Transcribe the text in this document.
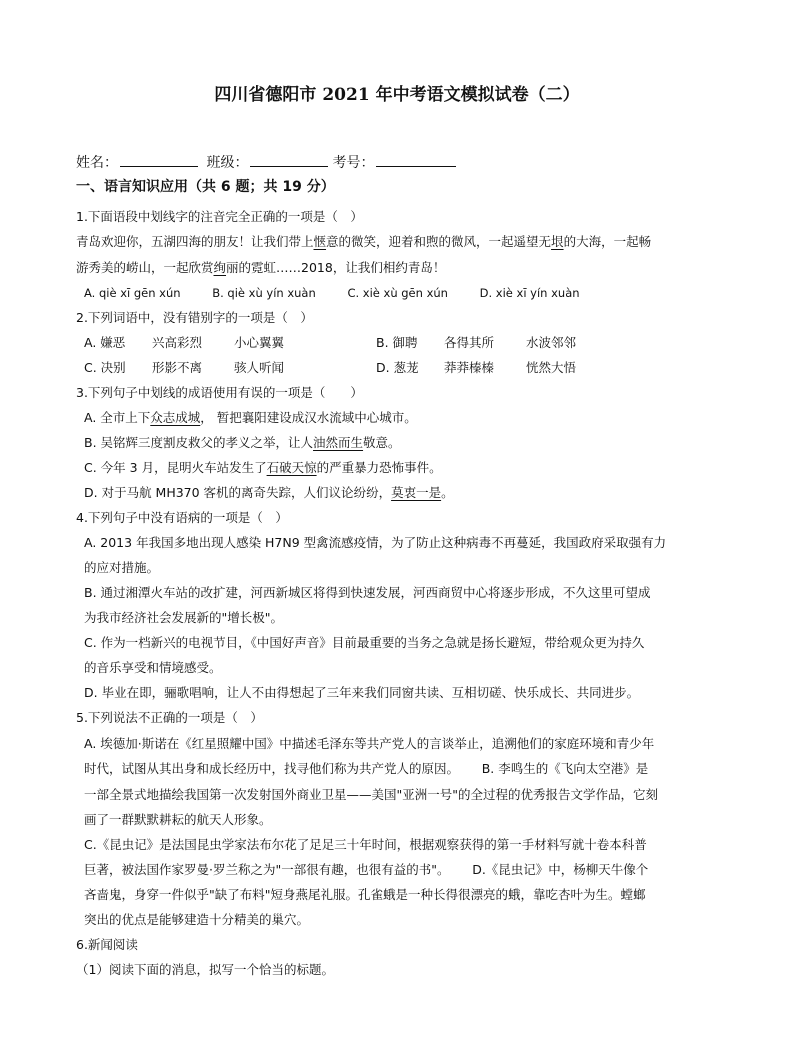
四川省德阳市 2021 年中考语文模拟试卷（二）
姓名：	班级：	考号：
一、语言知识应用（共 6 题；共 19 分）
1.下面语段中划线字的注音完全正确的一项是（　）
青岛欢迎你，五湖四海的朋友！让我们带上惬意的微笑，迎着和煦的微风，一起遥望无垠的大海，一起畅
游秀美的崂山，一起欣赏绚丽的霓虹……2018，让我们相约青岛！
A. qiè xī gēn xún	B. qiè xù yín xuàn	C. xiè xù gēn xún	D. xiè xī yín xuàn
2.下列词语中，没有错别字的一项是（　）
A. 嫌恶 兴高彩烈	小心翼翼	B. 御聘 各得其所	水波邻邻
C. 决别 形影不离	骇人听闻	D. 葱茏 莽莽榛榛	恍然大悟
3.下列句子中划线的成语使用有误的一项是（　　）
A. 全市上下众志成城， 暂把襄阳建设成汉水流域中心城市。
B. 吴铭辉三度割皮救父的孝义之举，让人油然而生敬意。
C. 今年 3 月，昆明火车站发生了石破天惊的严重暴力恐怖事件。
D. 对于马航 MH370 客机的离奇失踪，人们议论纷纷，莫衷一是。
4.下列句子中没有语病的一项是（　）
A. 2013 年我国多地出现人感染 H7N9 型禽流感疫情，为了防止这种病毒不再蔓延，我国政府采取强有力
的应对措施。
B. 通过湘潭火车站的改扩建，河西新城区将得到快速发展，河西商贸中心将逐步形成，不久这里可望成
为我市经济社会发展新的"增长极"。
C. 作为一档新兴的电视节目，《中国好声音》目前最重要的当务之急就是扬长避短，带给观众更为持久
的音乐享受和情境感受。
D. 毕业在即，骊歌唱响，让人不由得想起了三年来我们同窗共读、互相切磋、快乐成长、共同进步。
5.下列说法不正确的一项是（　）
A. 埃德加·斯诺在《红星照耀中国》中描述毛泽东等共产党人的言谈举止，追溯他们的家庭环境和青少年
时代，试图从其出身和成长经历中，找寻他们称为共产党人的原因。　　 B. 李鸣生的《飞向太空港》是
一部全景式地描绘我国第一次发射国外商业卫星——美国"亚洲一号"的全过程的优秀报告文学作品，它刻
画了一群默默耕耘的航天人形象。
C.《昆虫记》是法国昆虫学家法布尔花了足足三十年时间，根据观察获得的第一手材料写就十卷本科普
巨著，被法国作家罗曼·罗兰称之为"一部很有趣，也很有益的书"。　　 D.《昆虫记》中，杨柳天牛像个
吝啬鬼，身穿一件似乎"缺了布料"短身燕尾礼服。孔雀蛾是一种长得很漂亮的蛾，靠吃杏叶为生。螳螂
突出的优点是能够建造十分精美的巢穴。
6.新闻阅读
（1）阅读下面的消息，拟写一个恰当的标题。
